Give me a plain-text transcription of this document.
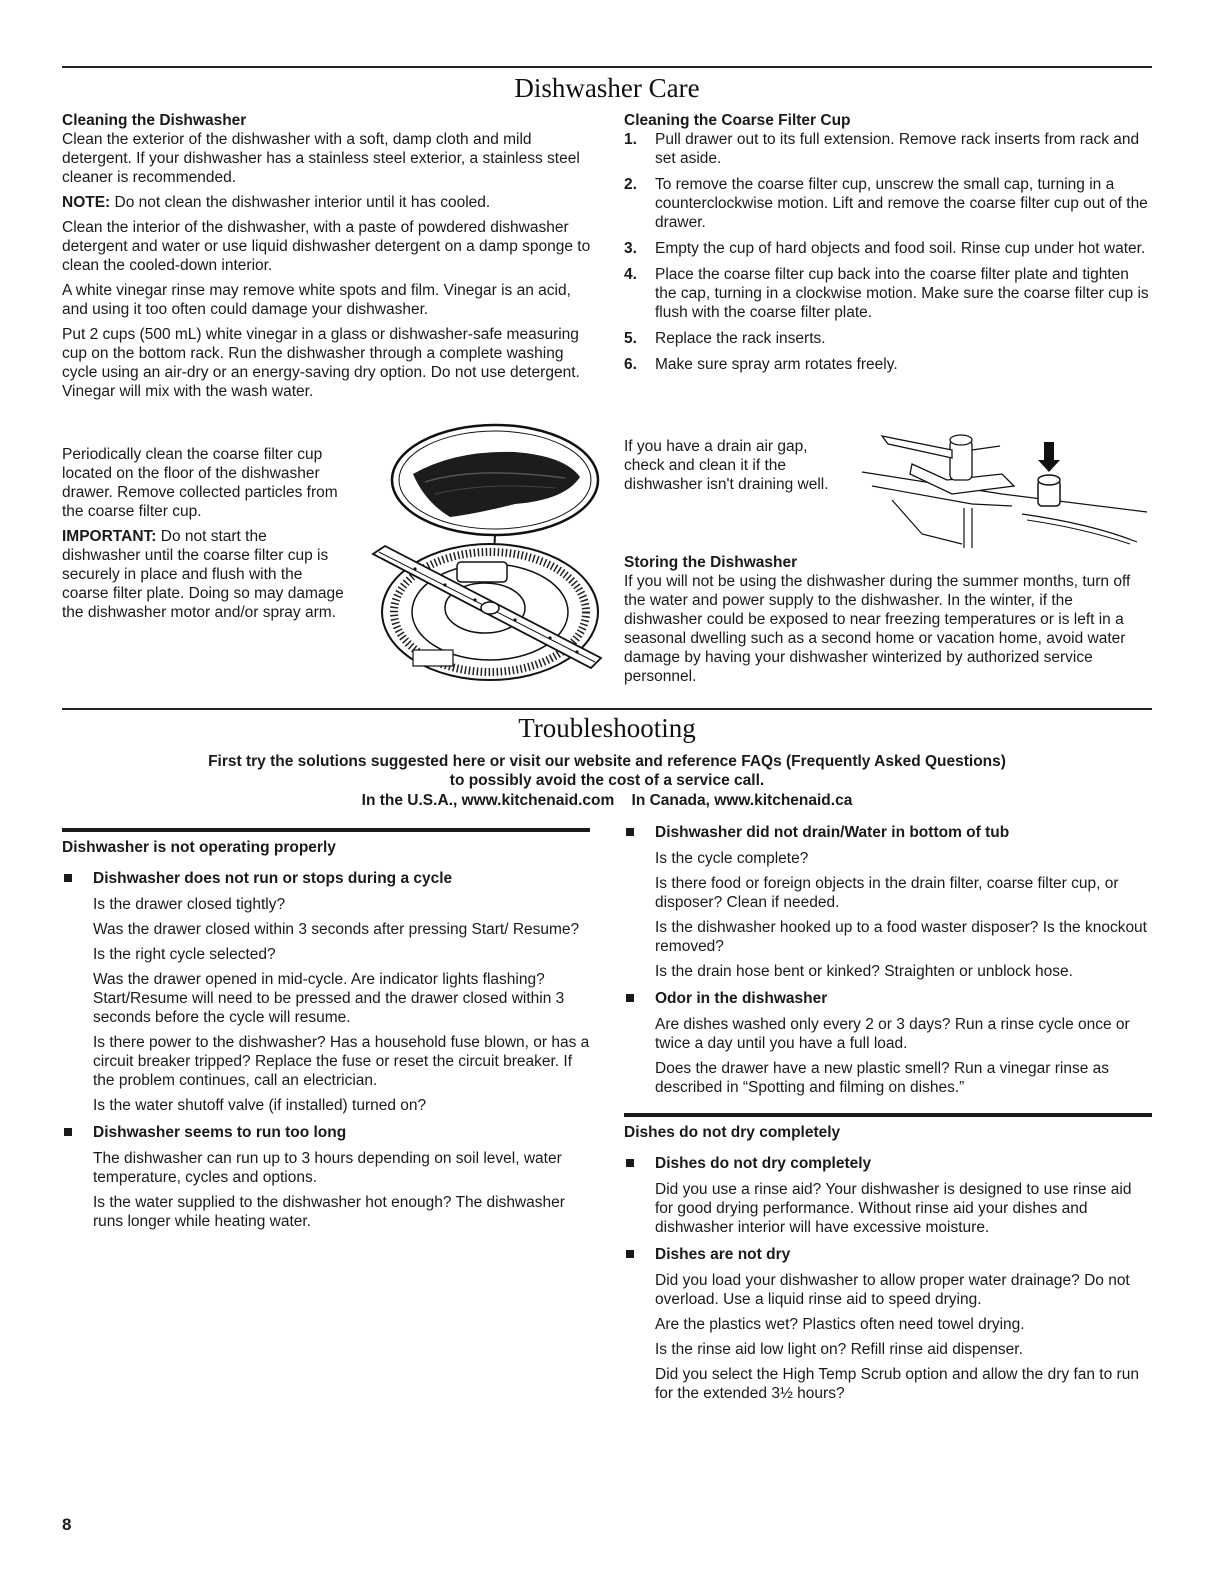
Dishwasher Care
Cleaning the Dishwasher

Clean the exterior of the dishwasher with a soft, damp cloth and mild detergent. If your dishwasher has a stainless steel exterior, a stainless steel cleaner is recommended.

NOTE: Do not clean the dishwasher interior until it has cooled.

Clean the interior of the dishwasher, with a paste of powdered dishwasher detergent and water or use liquid dishwasher detergent on a damp sponge to clean the cooled-down interior.

A white vinegar rinse may remove white spots and film. Vinegar is an acid, and using it too often could damage your dishwasher.

Put 2 cups (500 mL) white vinegar in a glass or dishwasher-safe measuring cup on the bottom rack. Run the dishwasher through a complete washing cycle using an air-dry or an energy-saving dry option. Do not use detergent. Vinegar will mix with the wash water.

Periodically clean the coarse filter cup located on the floor of the dishwasher drawer. Remove collected particles from the coarse filter cup.

IMPORTANT: Do not start the dishwasher until the coarse filter cup is securely in place and flush with the coarse filter plate. Doing so may damage the dishwasher motor and/or spray arm.

Cleaning the Coarse Filter Cup
1. Pull drawer out to its full extension. Remove rack inserts from rack and set aside.
2. To remove the coarse filter cup, unscrew the small cap, turning in a counterclockwise motion. Lift and remove the coarse filter cup out of the drawer.
3. Empty the cup of hard objects and food soil. Rinse cup under hot water.
4. Place the coarse filter cup back into the coarse filter plate and tighten the cap, turning in a clockwise motion. Make sure the coarse filter cup is flush with the coarse filter plate.
5. Replace the rack inserts.
6. Make sure spray arm rotates freely.
If you have a drain air gap, check and clean it if the dishwasher isn't draining well.
Storing the Dishwasher
If you will not be using the dishwasher during the summer months, turn off the water and power supply to the dishwasher. In the winter, if the dishwasher could be exposed to near freezing temperatures or is left in a seasonal dwelling such as a second home or vacation home, avoid water damage by having your dishwasher winterized by authorized service personnel.
Troubleshooting
First try the solutions suggested here or visit our website and reference FAQs (Frequently Asked Questions)
to possibly avoid the cost of a service call.
In the U.S.A., www.kitchenaid.com    In Canada, www.kitchenaid.ca
Dishwasher is not operating properly
Dishwasher does not run or stops during a cycle

Is the drawer closed tightly?

Was the drawer closed within 3 seconds after pressing Start/ Resume?

Is the right cycle selected?

Was the drawer opened in mid-cycle. Are indicator lights flashing? Start/Resume will need to be pressed and the drawer closed within 3 seconds before the cycle will resume.

Is there power to the dishwasher? Has a household fuse blown, or has a circuit breaker tripped? Replace the fuse or reset the circuit breaker. If the problem continues, call an electrician.

Is the water shutoff valve (if installed) turned on?

Dishwasher seems to run too long

The dishwasher can run up to 3 hours depending on soil level, water temperature, cycles and options.

Is the water supplied to the dishwasher hot enough? The dishwasher runs longer while heating water.

Dishwasher did not drain/Water in bottom of tub

Is the cycle complete?

Is there food or foreign objects in the drain filter, coarse filter cup, or disposer? Clean if needed.

Is the dishwasher hooked up to a food waster disposer? Is the knockout removed?

Is the drain hose bent or kinked? Straighten or unblock hose.

Odor in the dishwasher

Are dishes washed only every 2 or 3 days? Run a rinse cycle once or twice a day until you have a full load.

Does the drawer have a new plastic smell? Run a vinegar rinse as described in “Spotting and filming on dishes.”

Dishes do not dry completely
Dishes do not dry completely

Did you use a rinse aid? Your dishwasher is designed to use rinse aid for good drying performance. Without rinse aid your dishes and dishwasher interior will have excessive moisture.

Dishes are not dry

Did you load your dishwasher to allow proper water drainage? Do not overload. Use a liquid rinse aid to speed drying.

Are the plastics wet? Plastics often need towel drying.

Is the rinse aid low light on? Refill rinse aid dispenser.

Did you select the High Temp Scrub option and allow the dry fan to run for the extended 3½ hours?

8
